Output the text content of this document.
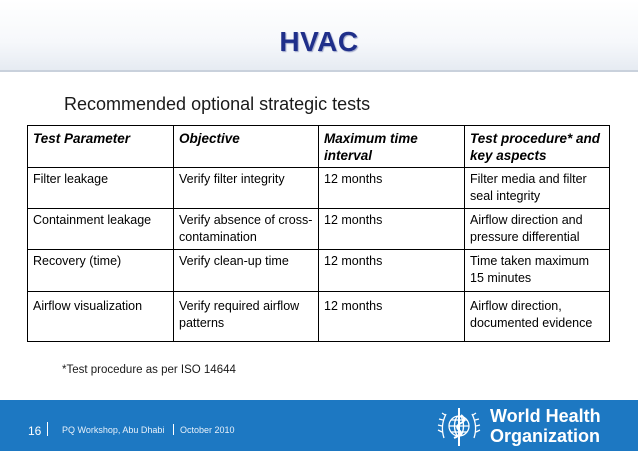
HVAC
Recommended optional strategic tests
Test Parameter	Objective	Maximum time interval	Test procedure* and key aspects
Filter leakage	Verify filter integrity	12 months	Filter media and filter seal integrity
Containment leakage	Verify absence of cross-contamination	12 months	Airflow direction and pressure differential
Recovery (time)	Verify clean-up time	12 months	Time taken maximum 15 minutes
Airflow visualization	Verify required airflow patterns	12 months	Airflow direction, documented evidence
*Test procedure as per ISO 14644
16 PQ Workshop, Abu Dhabi October 2010
World Health
Organization
